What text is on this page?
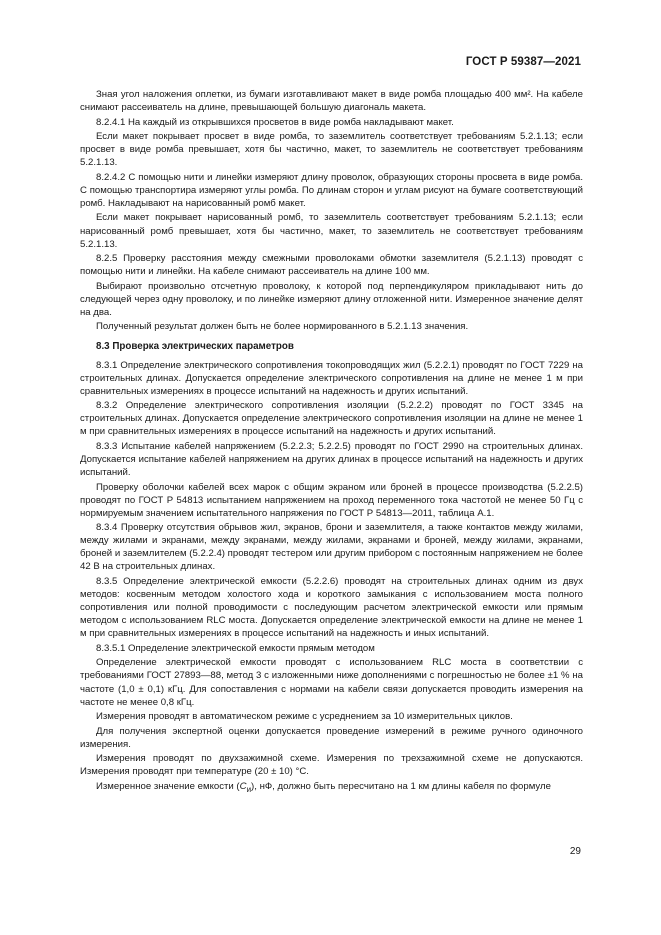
ГОСТ Р 59387—2021

Зная угол наложения оплетки, из бумаги изготавливают макет в виде ромба площадью 400 мм². На кабеле снимают рассеиватель на длине, превышающей большую диагональ макета.

8.2.4.1 На каждый из открывшихся просветов в виде ромба накладывают макет.

Если макет покрывает просвет в виде ромба, то заземлитель соответствует требованиям 5.2.1.13; если просвет в виде ромба превышает, хотя бы частично, макет, то заземлитель не соответствует требованиям 5.2.1.13.

8.2.4.2 С помощью нити и линейки измеряют длину проволок, образующих стороны просвета в виде ромба. С помощью транспортира измеряют углы ромба. По длинам сторон и углам рисуют на бумаге соответствующий ромб. Накладывают на нарисованный ромб макет.

Если макет покрывает нарисованный ромб, то заземлитель соответствует требованиям 5.2.1.13; если нарисованный ромб превышает, хотя бы частично, макет, то заземлитель не соответствует требованиям 5.2.1.13.

8.2.5 Проверку расстояния между смежными проволоками обмотки заземлителя (5.2.1.13) проводят с помощью нити и линейки. На кабеле снимают рассеиватель на длине 100 мм.

Выбирают произвольно отсчетную проволоку, к которой под перпендикуляром прикладывают нить до следующей через одну проволоку, и по линейке измеряют длину отложенной нити. Измеренное значение делят на два.

Полученный результат должен быть не более нормированного в 5.2.1.13 значения.

8.3 Проверка электрических параметров

8.3.1 Определение электрического сопротивления токопроводящих жил (5.2.2.1) проводят по ГОСТ 7229 на строительных длинах. Допускается определение электрического сопротивления на длине не менее 1 м при сравнительных измерениях в процессе испытаний на надежность и других испытаний.

8.3.2 Определение электрического сопротивления изоляции (5.2.2.2) проводят по ГОСТ 3345 на строительных длинах. Допускается определение электрического сопротивления изоляции на длине не менее 1 м при сравнительных измерениях в процессе испытаний на надежность и других испытаний.

8.3.3 Испытание кабелей напряжением (5.2.2.3; 5.2.2.5) проводят по ГОСТ 2990 на строительных длинах. Допускается испытание кабелей напряжением на других длинах в процессе испытаний на надежность и других испытаний.

Проверку оболочки кабелей всех марок с общим экраном или броней в процессе производства (5.2.2.5) проводят по ГОСТ Р 54813 испытанием напряжением на проход переменного тока частотой не менее 50 Гц с нормируемым значением испытательного напряжения по ГОСТ Р 54813—2011, таблица А.1.

8.3.4 Проверку отсутствия обрывов жил, экранов, брони и заземлителя, а также контактов между жилами, между жилами и экранами, между экранами, между жилами, экранами и броней, между жилами, экранами, броней и заземлителем (5.2.2.4) проводят тестером или другим прибором с постоянным напряжением не более 42 В на строительных длинах.

8.3.5 Определение электрической емкости (5.2.2.6) проводят на строительных длинах одним из двух методов: косвенным методом холостого хода и короткого замыкания с использованием моста полного сопротивления или полной проводимости с последующим расчетом электрической емкости или прямым методом с использованием RLC моста. Допускается определение электрической емкости на длине не менее 1 м при сравнительных измерениях в процессе испытаний на надежность и иных испытаний.

8.3.5.1 Определение электрической емкости прямым методом

Определение электрической емкости проводят с использованием RLC моста в соответствии с требованиями ГОСТ 27893—88, метод 3 с изложенными ниже дополнениями с погрешностью не более ±1 % на частоте (1,0 ± 0,1) кГц. Для сопоставления с нормами на кабели связи допускается проводить измерения на частоте не менее 0,8 кГц.

Измерения проводят в автоматическом режиме с усреднением за 10 измерительных циклов.

Для получения экспертной оценки допускается проведение измерений в режиме ручного одиночного измерения.

Измерения проводят по двухзажимной схеме. Измерения по трехзажимной схеме не допускаются. Измерения проводят при температуре (20 ± 10) °С.

Измеренное значение емкости $(C_и)$, нФ, должно быть пересчитано на 1 км длины кабеля по формуле

29
